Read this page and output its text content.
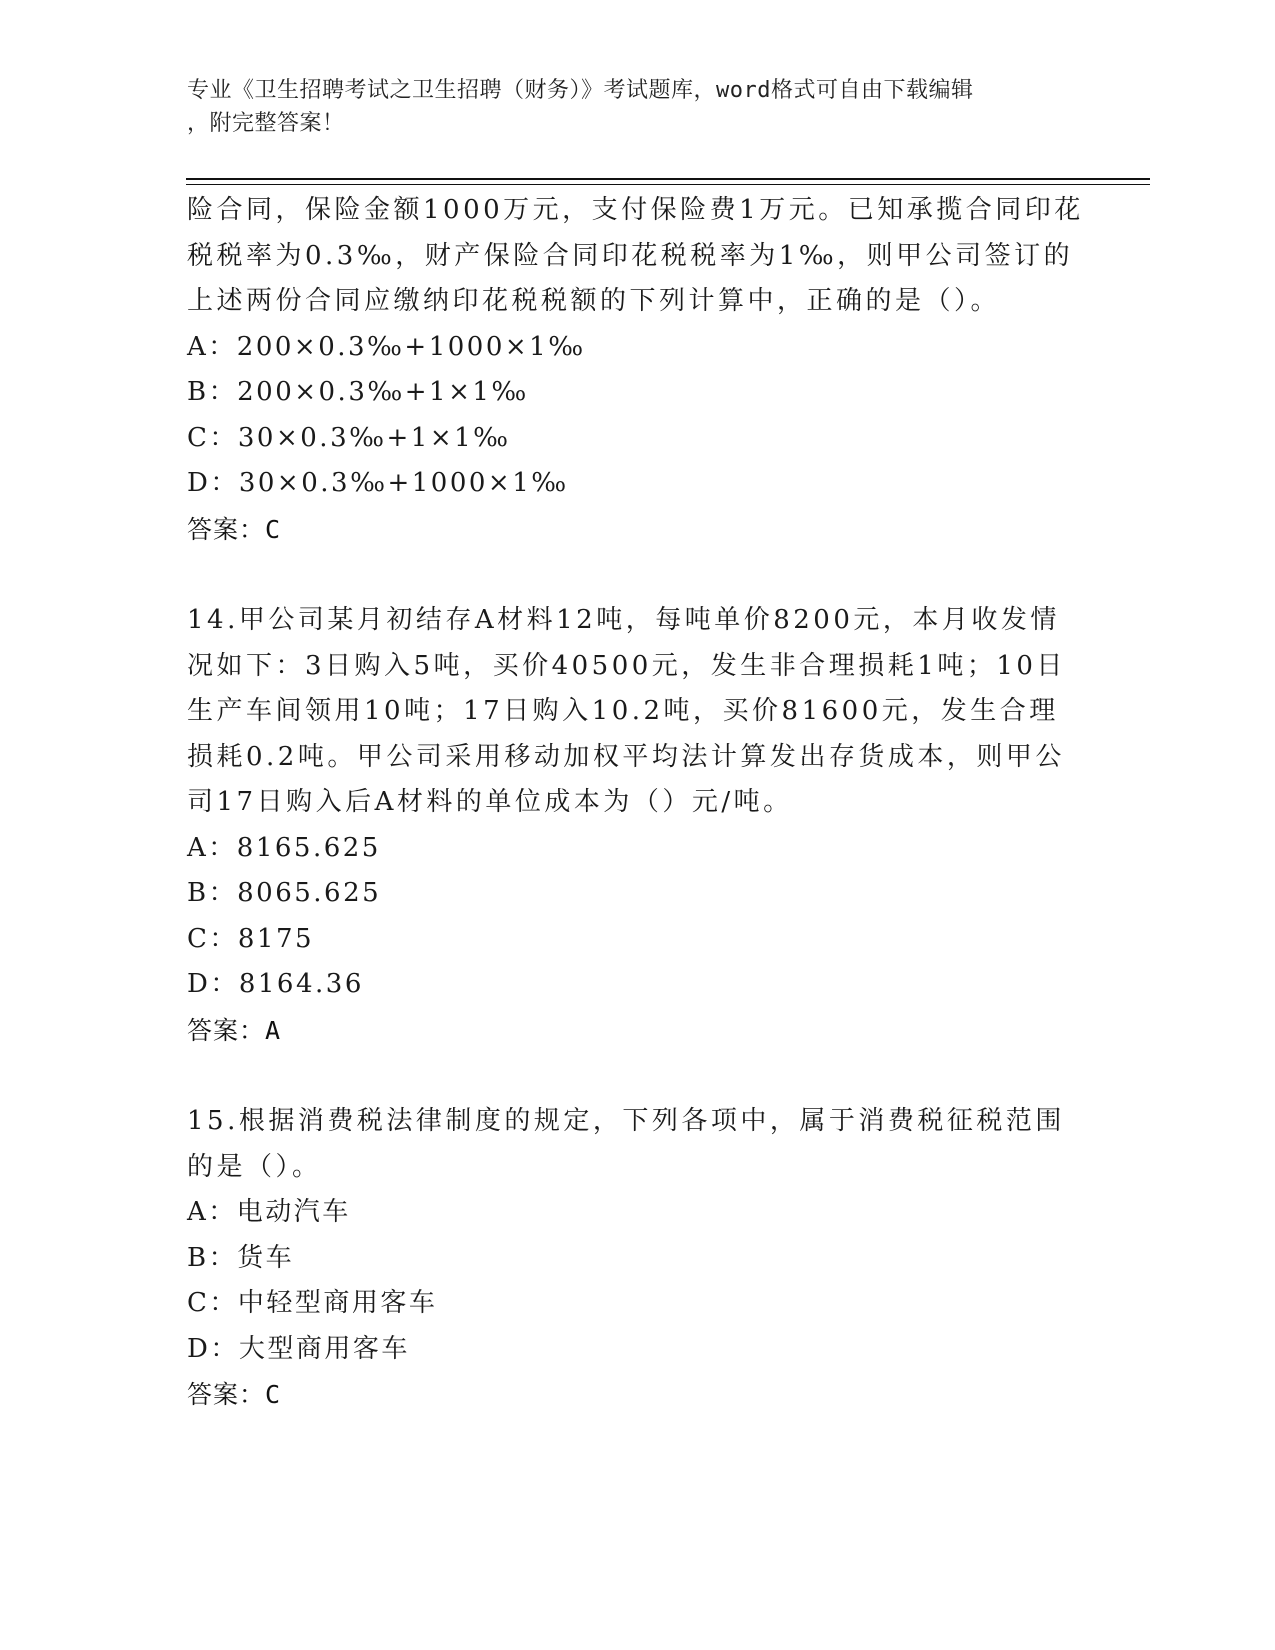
专业《卫生招聘考试之卫生招聘（财务）》考试题库，word格式可自由下载编辑
，附完整答案！
险合同，保险金额1000万元，支付保险费1万元。已知承揽合同印花税税率为0.3‰，财产保险合同印花税税率为1‰，则甲公司签订的上述两份合同应缴纳印花税税额的下列计算中，正确的是（）。
A：200×0.3‰+1000×1‰
B：200×0.3‰+1×1‰
C：30×0.3‰+1×1‰
D：30×0.3‰+1000×1‰
答案：C
14.甲公司某月初结存A材料12吨，每吨单价8200元，本月收发情况如下：3日购入5吨，买价40500元，发生非合理损耗1吨；10日生产车间领用10吨；17日购入10.2吨，买价81600元，发生合理损耗0.2吨。甲公司采用移动加权平均法计算发出存货成本，则甲公司17日购入后A材料的单位成本为（）元/吨。
A：8165.625
B：8065.625
C：8175
D：8164.36
答案：A
15.根据消费税法律制度的规定，下列各项中，属于消费税征税范围的是（）。
A：电动汽车
B：货车
C：中轻型商用客车
D：大型商用客车
答案：C
